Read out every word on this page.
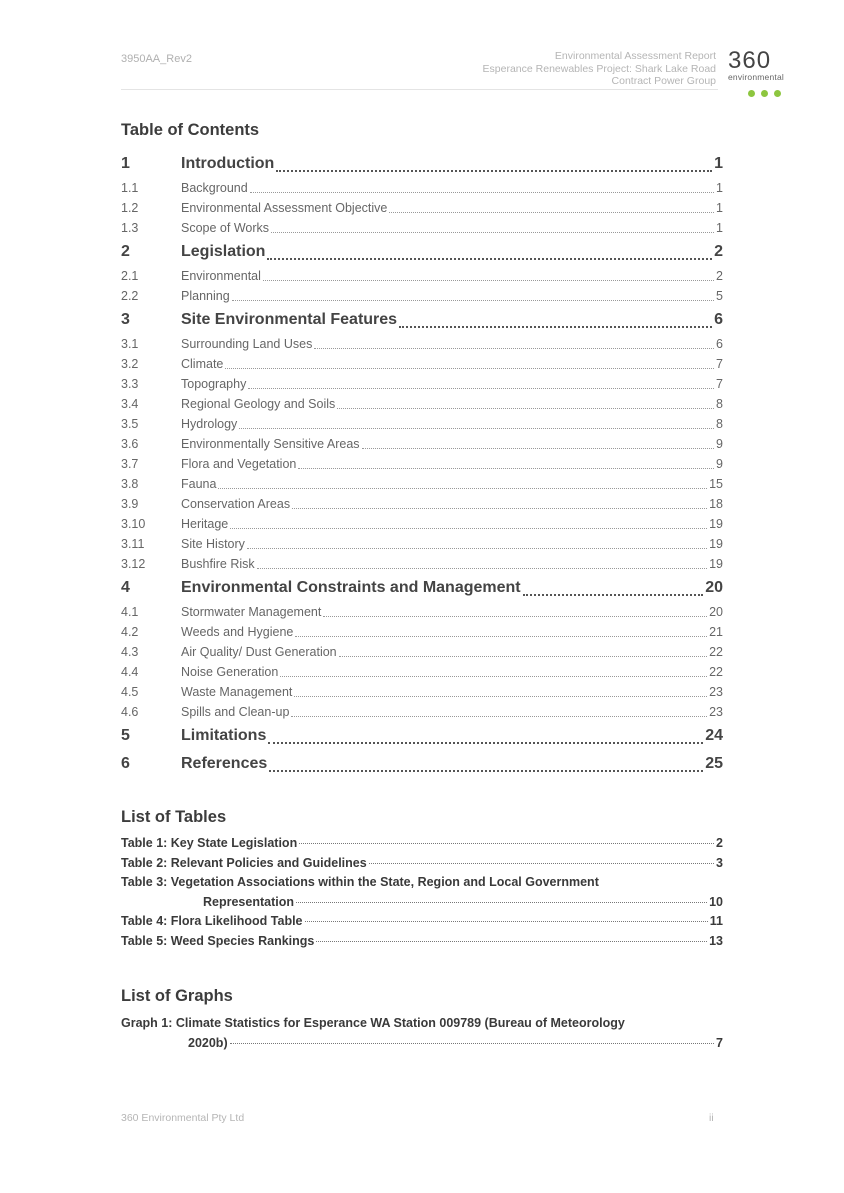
3950AA_Rev2	Environmental Assessment Report
Esperance Renewables Project: Shark Lake Road
Contract Power Group
360
environmental
Table of Contents
1	Introduction	1
1.1	Background	1
1.2	Environmental Assessment Objective	1
1.3	Scope of Works	1
2	Legislation	2
2.1	Environmental	2
2.2	Planning	5
3	Site Environmental Features	6
3.1	Surrounding Land Uses	6
3.2	Climate	7
3.3	Topography	7
3.4	Regional Geology and Soils	8
3.5	Hydrology	8
3.6	Environmentally Sensitive Areas	9
3.7	Flora and Vegetation	9
3.8	Fauna	15
3.9	Conservation Areas	18
3.10	Heritage	19
3.11	Site History	19
3.12	Bushfire Risk	19
4	Environmental Constraints and Management	20
4.1	Stormwater Management	20
4.2	Weeds and Hygiene	21
4.3	Air Quality/ Dust Generation	22
4.4	Noise Generation	22
4.5	Waste Management	23
4.6	Spills and Clean-up	23
5	Limitations	24
6	References	25
List of Tables
Table 1: Key State Legislation	2
Table 2: Relevant Policies and Guidelines	3
Table 3: Vegetation Associations within the State, Region and Local Government
Representation	10
Table 4: Flora Likelihood Table	11
Table 5: Weed Species Rankings	13
List of Graphs
Graph 1: Climate Statistics for Esperance WA Station 009789 (Bureau of Meteorology
2020b)	7
360 Environmental Pty Ltd	ii
